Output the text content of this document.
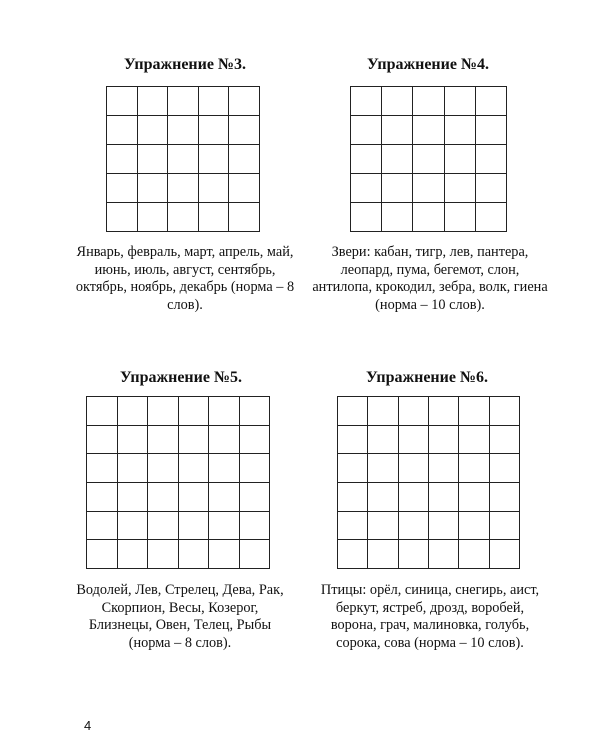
Упражнение №3.
Январь, февраль, март, апрель, май,
июнь, июль, август, сентябрь,
октябрь, ноябрь, декабрь (норма – 8
слов).
Упражнение №4.
Звери: кабан, тигр, лев, пантера,
леопард, пума, бегемот, слон,
антилопа, крокодил, зебра, волк, гиена
(норма – 10 слов).
Упражнение №5.
Водолей, Лев, Стрелец, Дева, Рак,
Скорпион, Весы, Козерог,
Близнецы, Овен, Телец, Рыбы
(норма – 8 слов).
Упражнение №6.
Птицы: орёл, синица, снегирь, аист,
беркут, ястреб, дрозд, воробей,
ворона, грач, малиновка, голубь,
сорока, сова (норма – 10 слов).
4
